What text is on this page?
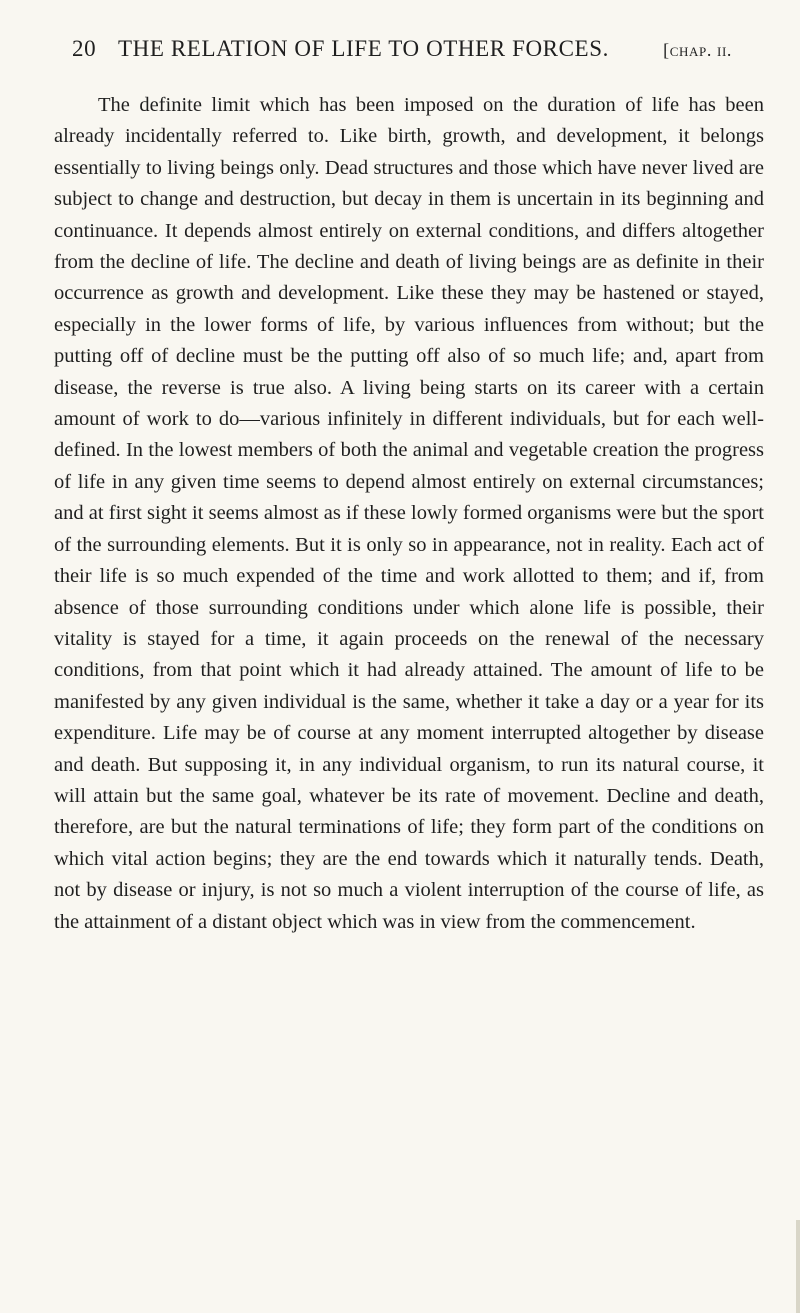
20 THE RELATION OF LIFE TO OTHER FORCES.	[chap. ii.

The definite limit which has been imposed on the duration of life has been already incidentally referred to. Like birth, growth, and development, it belongs essentially to living beings only. Dead structures and those which have never lived are subject to change and destruction, but decay in them is uncertain in its beginning and continuance. It depends almost entirely on external conditions, and differs altogether from the decline of life. The decline and death of living beings are as definite in their occurrence as growth and development. Like these they may be hastened or stayed, especially in the lower forms of life, by various influences from without; but the putting off of decline must be the putting off also of so much life; and, apart from disease, the reverse is true also. A living being starts on its career with a certain amount of work to do—various infinitely in different individuals, but for each well-defined. In the lowest members of both the animal and vegetable creation the progress of life in any given time seems to depend almost entirely on external circumstances; and at first sight it seems almost as if these lowly formed organisms were but the sport of the surrounding elements. But it is only so in appearance, not in reality. Each act of their life is so much expended of the time and work allotted to them; and if, from absence of those surrounding conditions under which alone life is possible, their vitality is stayed for a time, it again proceeds on the renewal of the necessary conditions, from that point which it had already attained. The amount of life to be manifested by any given individual is the same, whether it take a day or a year for its expenditure. Life may be of course at any moment interrupted altogether by disease and death. But supposing it, in any individual organism, to run its natural course, it will attain but the same goal, whatever be its rate of movement. Decline and death, therefore, are but the natural terminations of life; they form part of the conditions on which vital action begins; they are the end towards which it naturally tends. Death, not by disease or injury, is not so much a violent interruption of the course of life, as the attainment of a distant object which was in view from the commencement.
